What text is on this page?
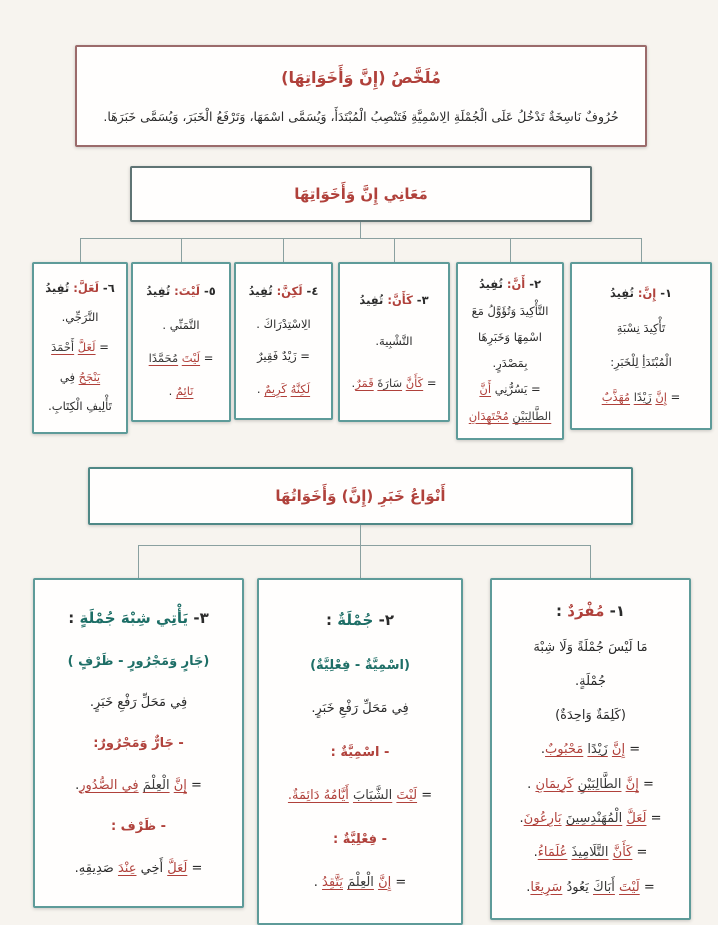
مُلَخَّصُ (إِنَّ وَأَخَوَاتِهَا)
حُرُوفٌ نَاسِخَةٌ تَدْخُلُ عَلَى الْجُمْلَةِ الِاسْمِيَّةِ فَتَنْصِبُ الْمُبْتَدَأَ، وَيُسَمَّى اسْمَهَا، وَتَرْفَعُ الْخَبَرَ، وَيُسَمَّى خَبَرَهَا.
مَعَانِي إِنَّ وَأَخَوَاتِهَا
١- إِنَّ: تُفِيدُ
تَأْكِيدَ نِسْبَةِ
الْمُبْتَدَأِ لِلْخَبَرِ:
= إِنَّ زَيْدًا مُهَذَّبٌ
٢- أَنَّ: تُفِيدُ
التَّأْكِيدَ وَتُؤَوَّلُ مَعَ
اسْمِهَا وَخَبَرِهَا
بِمَصْدَرٍ.
= يَسُرُّنِي أَنَّ
الطَّالِبَيْنِ مُجْتَهِدَانِ
٣- كَأَنَّ: تُفِيدُ
التَّشْبِيهَ.
= كَأَنَّ سَارَةَ قَمَرٌ.
٤- لَكِنَّ: تُفِيدُ
الِاسْتِدْرَاكَ .
= زَيْدٌ فَقِيرٌ
لَكِنَّهُ كَرِيمٌ .
٥- لَيْتَ: تُفِيدُ
التَّمَنِّي .
= لَيْتَ مُحَمَّدًا
نَائِمٌ .
٦- لَعَلَّ: تُفِيدُ
التَّرَجِّي.
= لَعَلَّ أَحْمَدَ
يَنْجَحُ فِي
تَأْلِيفِ الْكِتَابِ.
أَنْوَاعُ خَبَرِ (إِنَّ) وَأَخَوَاتُهَا
١- مُفْرَدٌ :
مَا لَيْسَ جُمْلَةً وَلَا شِبْهَ
جُمْلَةٍ.
(كَلِمَةٌ وَاحِدَةٌ)
= إِنَّ زَيْدًا مَحْبُوبٌ.
= إِنَّ الطَّالِبَيْنِ كَرِيمَانِ .
= لَعَلَّ الْمُهَنْدِسِينَ بَارِعُونَ.
= كَأَنَّ التَّلَامِيذَ عُلَمَاءُ.
= لَيْتَ أَبَاكَ يَعُودُ سَرِيعًا.
٢- جُمْلَةٌ :
(اسْمِيَّةٌ - فِعْلِيَّةٌ)
فِي مَحَلِّ رَفْعِ خَبَرٍ.
- اسْمِيَّةٌ :
= لَيْتَ الشَّبَابَ أَيَّامُهُ دَائِمَةٌ.
- فِعْلِيَّةٌ :
= إِنَّ الْعِلْمَ يَتَّقِدُ .
٣- يَأْتِي شِبْهَ جُمْلَةٍ :
(جَارٍ وَمَجْرُورٍ - ظَرْفٍ )
فِي مَحَلِّ رَفْعِ خَبَرٍ.
- جَارٌّ وَمَجْرُورٌ:
= إِنَّ الْعِلْمَ فِي الصُّدُورِ.
- ظَرْف :
= لَعَلَّ أَخِي عِنْدَ صَدِيقِهِ.
